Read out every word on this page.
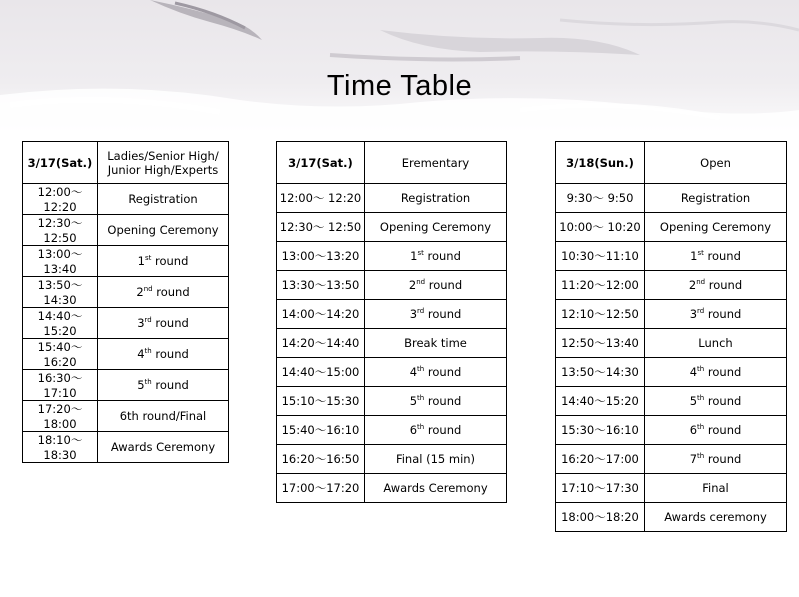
Time Table
3/17(Sat.)	Ladies/Senior High/ Junior High/Experts
12:00～ 12:20	Registration
12:30～12:50	Opening Ceremony
13:00～13:40	1st round
13:50～14:30	2nd round
14:40～15:20	3rd round
15:40～16:20	4th round
16:30～17:10	5th round
17:20～18:00	6th round/Final
18:10～18:30	Awards Ceremony
3/17(Sat.)	Erementary
12:00～ 12:20	Registration
12:30～ 12:50	Opening Ceremony
13:00～13:20	1st round
13:30～13:50	2nd round
14:00～14:20	3rd round
14:20～14:40	Break time
14:40～15:00	4th round
15:10～15:30	5th round
15:40～16:10	6th round
16:20～16:50	Final (15 min)
17:00～17:20	Awards Ceremony
3/18(Sun.)	Open
9:30～ 9:50	Registration
10:00～ 10:20	Opening Ceremony
10:30～11:10	1st round
11:20～12:00	2nd round
12:10～12:50	3rd round
12:50～13:40	Lunch
13:50～14:30	4th round
14:40～15:20	5th round
15:30～16:10	6th round
16:20～17:00	7th round
17:10～17:30	Final
18:00～18:20	Awards ceremony
